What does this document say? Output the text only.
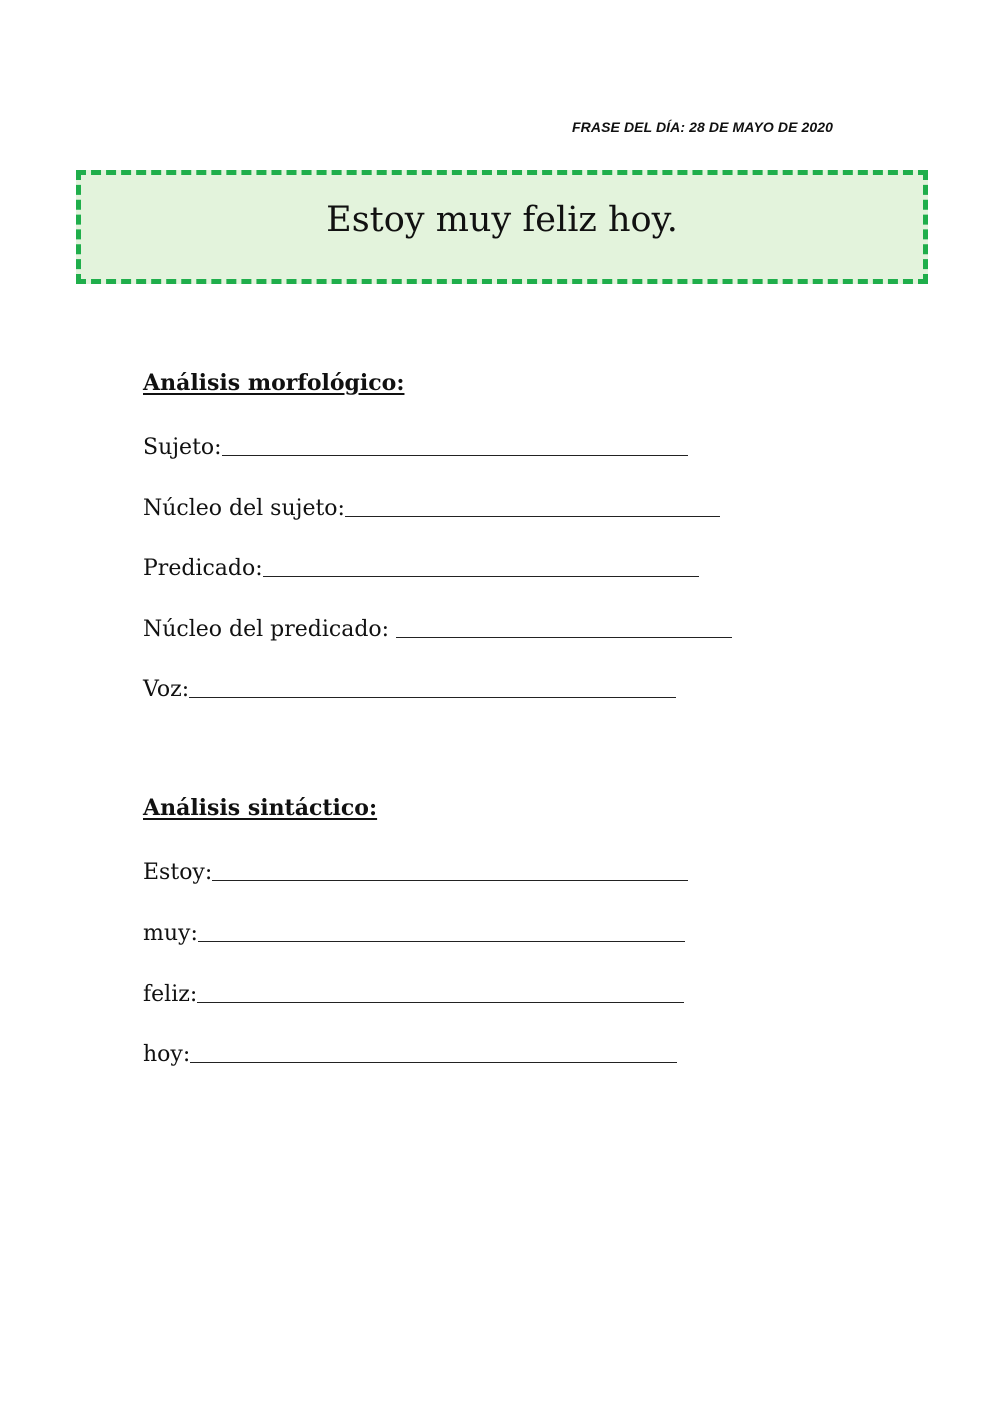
FRASE DEL DÍA: 28 DE MAYO DE 2020
Estoy muy feliz hoy.
Análisis morfológico:
Sujeto:
Núcleo del sujeto:
Predicado:
Núcleo del predicado:
Voz:
Análisis sintáctico:
Estoy:
muy:
feliz:
hoy:
